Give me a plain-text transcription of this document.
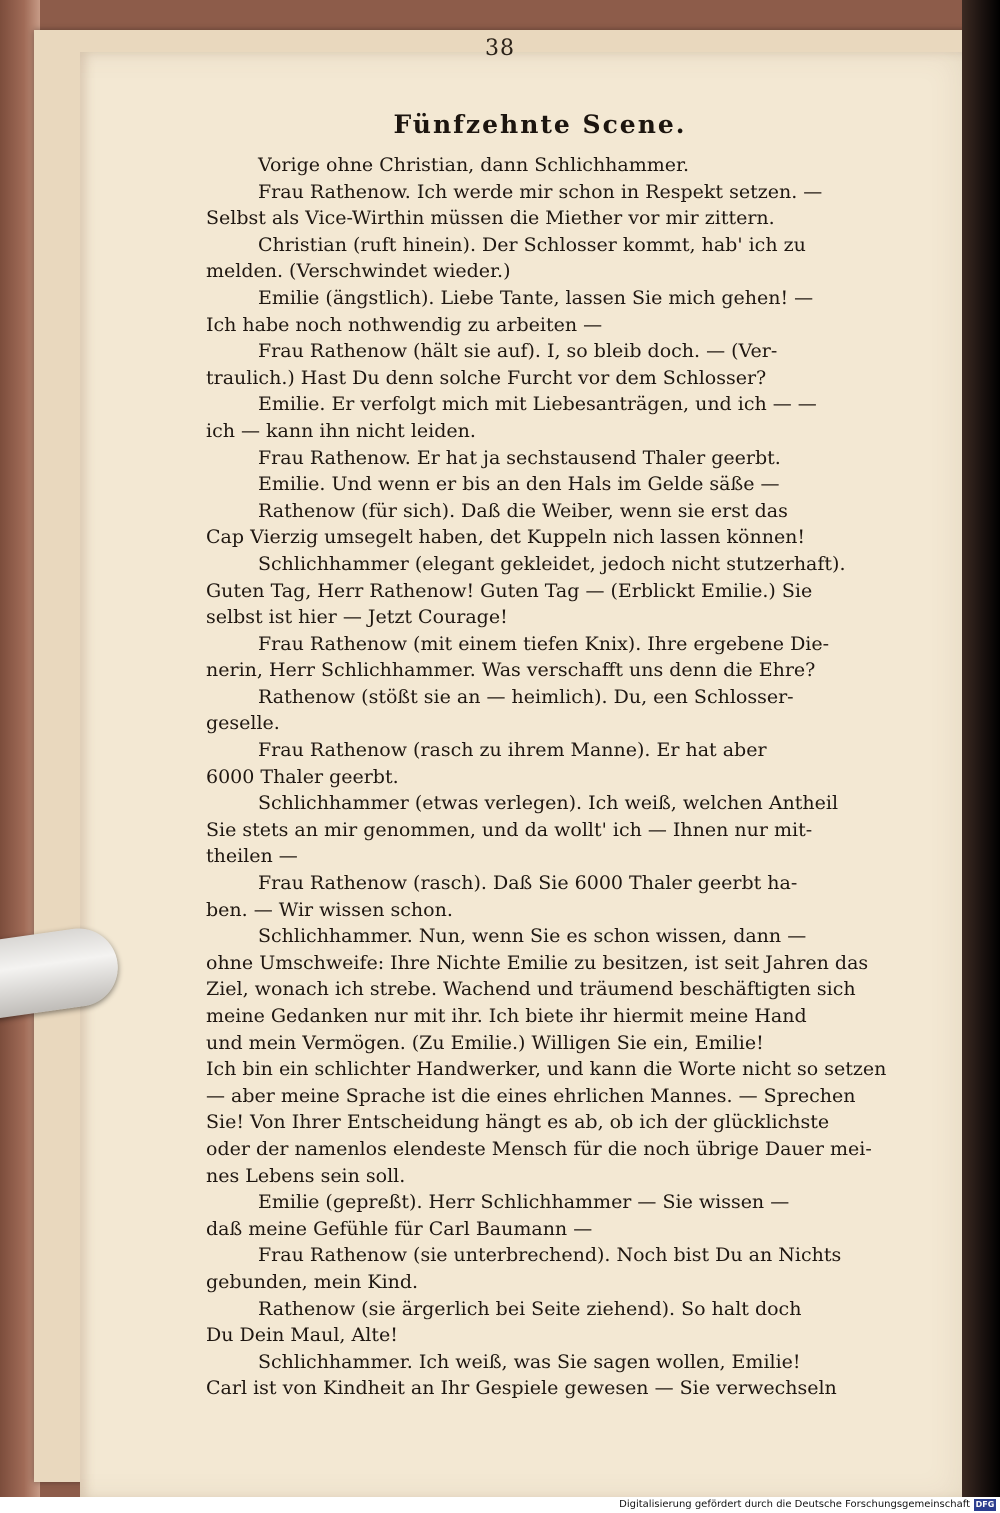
38
Fünfzehnte Scene.
Vorige ohne Christian, dann Schlichhammer.
Frau Rathenow. Ich werde mir schon in Respekt setzen. —
Selbst als Vice-Wirthin müssen die Miether vor mir zittern.
Christian (ruft hinein). Der Schlosser kommt, hab' ich zu
melden. (Verschwindet wieder.)
Emilie (ängstlich). Liebe Tante, lassen Sie mich gehen! —
Ich habe noch nothwendig zu arbeiten —
Frau Rathenow (hält sie auf). I, so bleib doch. — (Ver-
traulich.) Hast Du denn solche Furcht vor dem Schlosser?
Emilie. Er verfolgt mich mit Liebesanträgen, und ich — —
ich — kann ihn nicht leiden.
Frau Rathenow. Er hat ja sechstausend Thaler geerbt.
Emilie. Und wenn er bis an den Hals im Gelde säße —
Rathenow (für sich). Daß die Weiber, wenn sie erst das
Cap Vierzig umsegelt haben, det Kuppeln nich lassen können!
Schlichhammer (elegant gekleidet, jedoch nicht stutzerhaft).
Guten Tag, Herr Rathenow! Guten Tag — (Erblickt Emilie.) Sie
selbst ist hier — Jetzt Courage!
Frau Rathenow (mit einem tiefen Knix). Ihre ergebene Die-
nerin, Herr Schlichhammer. Was verschafft uns denn die Ehre?
Rathenow (stößt sie an — heimlich). Du, een Schlosser-
geselle.
Frau Rathenow (rasch zu ihrem Manne). Er hat aber
6000 Thaler geerbt.
Schlichhammer (etwas verlegen). Ich weiß, welchen Antheil
Sie stets an mir genommen, und da wollt' ich — Ihnen nur mit-
theilen —
Frau Rathenow (rasch). Daß Sie 6000 Thaler geerbt ha-
ben. — Wir wissen schon.
Schlichhammer. Nun, wenn Sie es schon wissen, dann —
ohne Umschweife: Ihre Nichte Emilie zu besitzen, ist seit Jahren das
Ziel, wonach ich strebe. Wachend und träumend beschäftigten sich
meine Gedanken nur mit ihr. Ich biete ihr hiermit meine Hand
und mein Vermögen. (Zu Emilie.) Willigen Sie ein, Emilie!
Ich bin ein schlichter Handwerker, und kann die Worte nicht so setzen
— aber meine Sprache ist die eines ehrlichen Mannes. — Sprechen
Sie! Von Ihrer Entscheidung hängt es ab, ob ich der glücklichste
oder der namenlos elendeste Mensch für die noch übrige Dauer mei-
nes Lebens sein soll.
Emilie (gepreßt). Herr Schlichhammer — Sie wissen —
daß meine Gefühle für Carl Baumann —
Frau Rathenow (sie unterbrechend). Noch bist Du an Nichts
gebunden, mein Kind.
Rathenow (sie ärgerlich bei Seite ziehend). So halt doch
Du Dein Maul, Alte!
Schlichhammer. Ich weiß, was Sie sagen wollen, Emilie!
Carl ist von Kindheit an Ihr Gespiele gewesen — Sie verwechseln
Digitalisierung gefördert durch die Deutsche Forschungsgemeinschaft DFG
